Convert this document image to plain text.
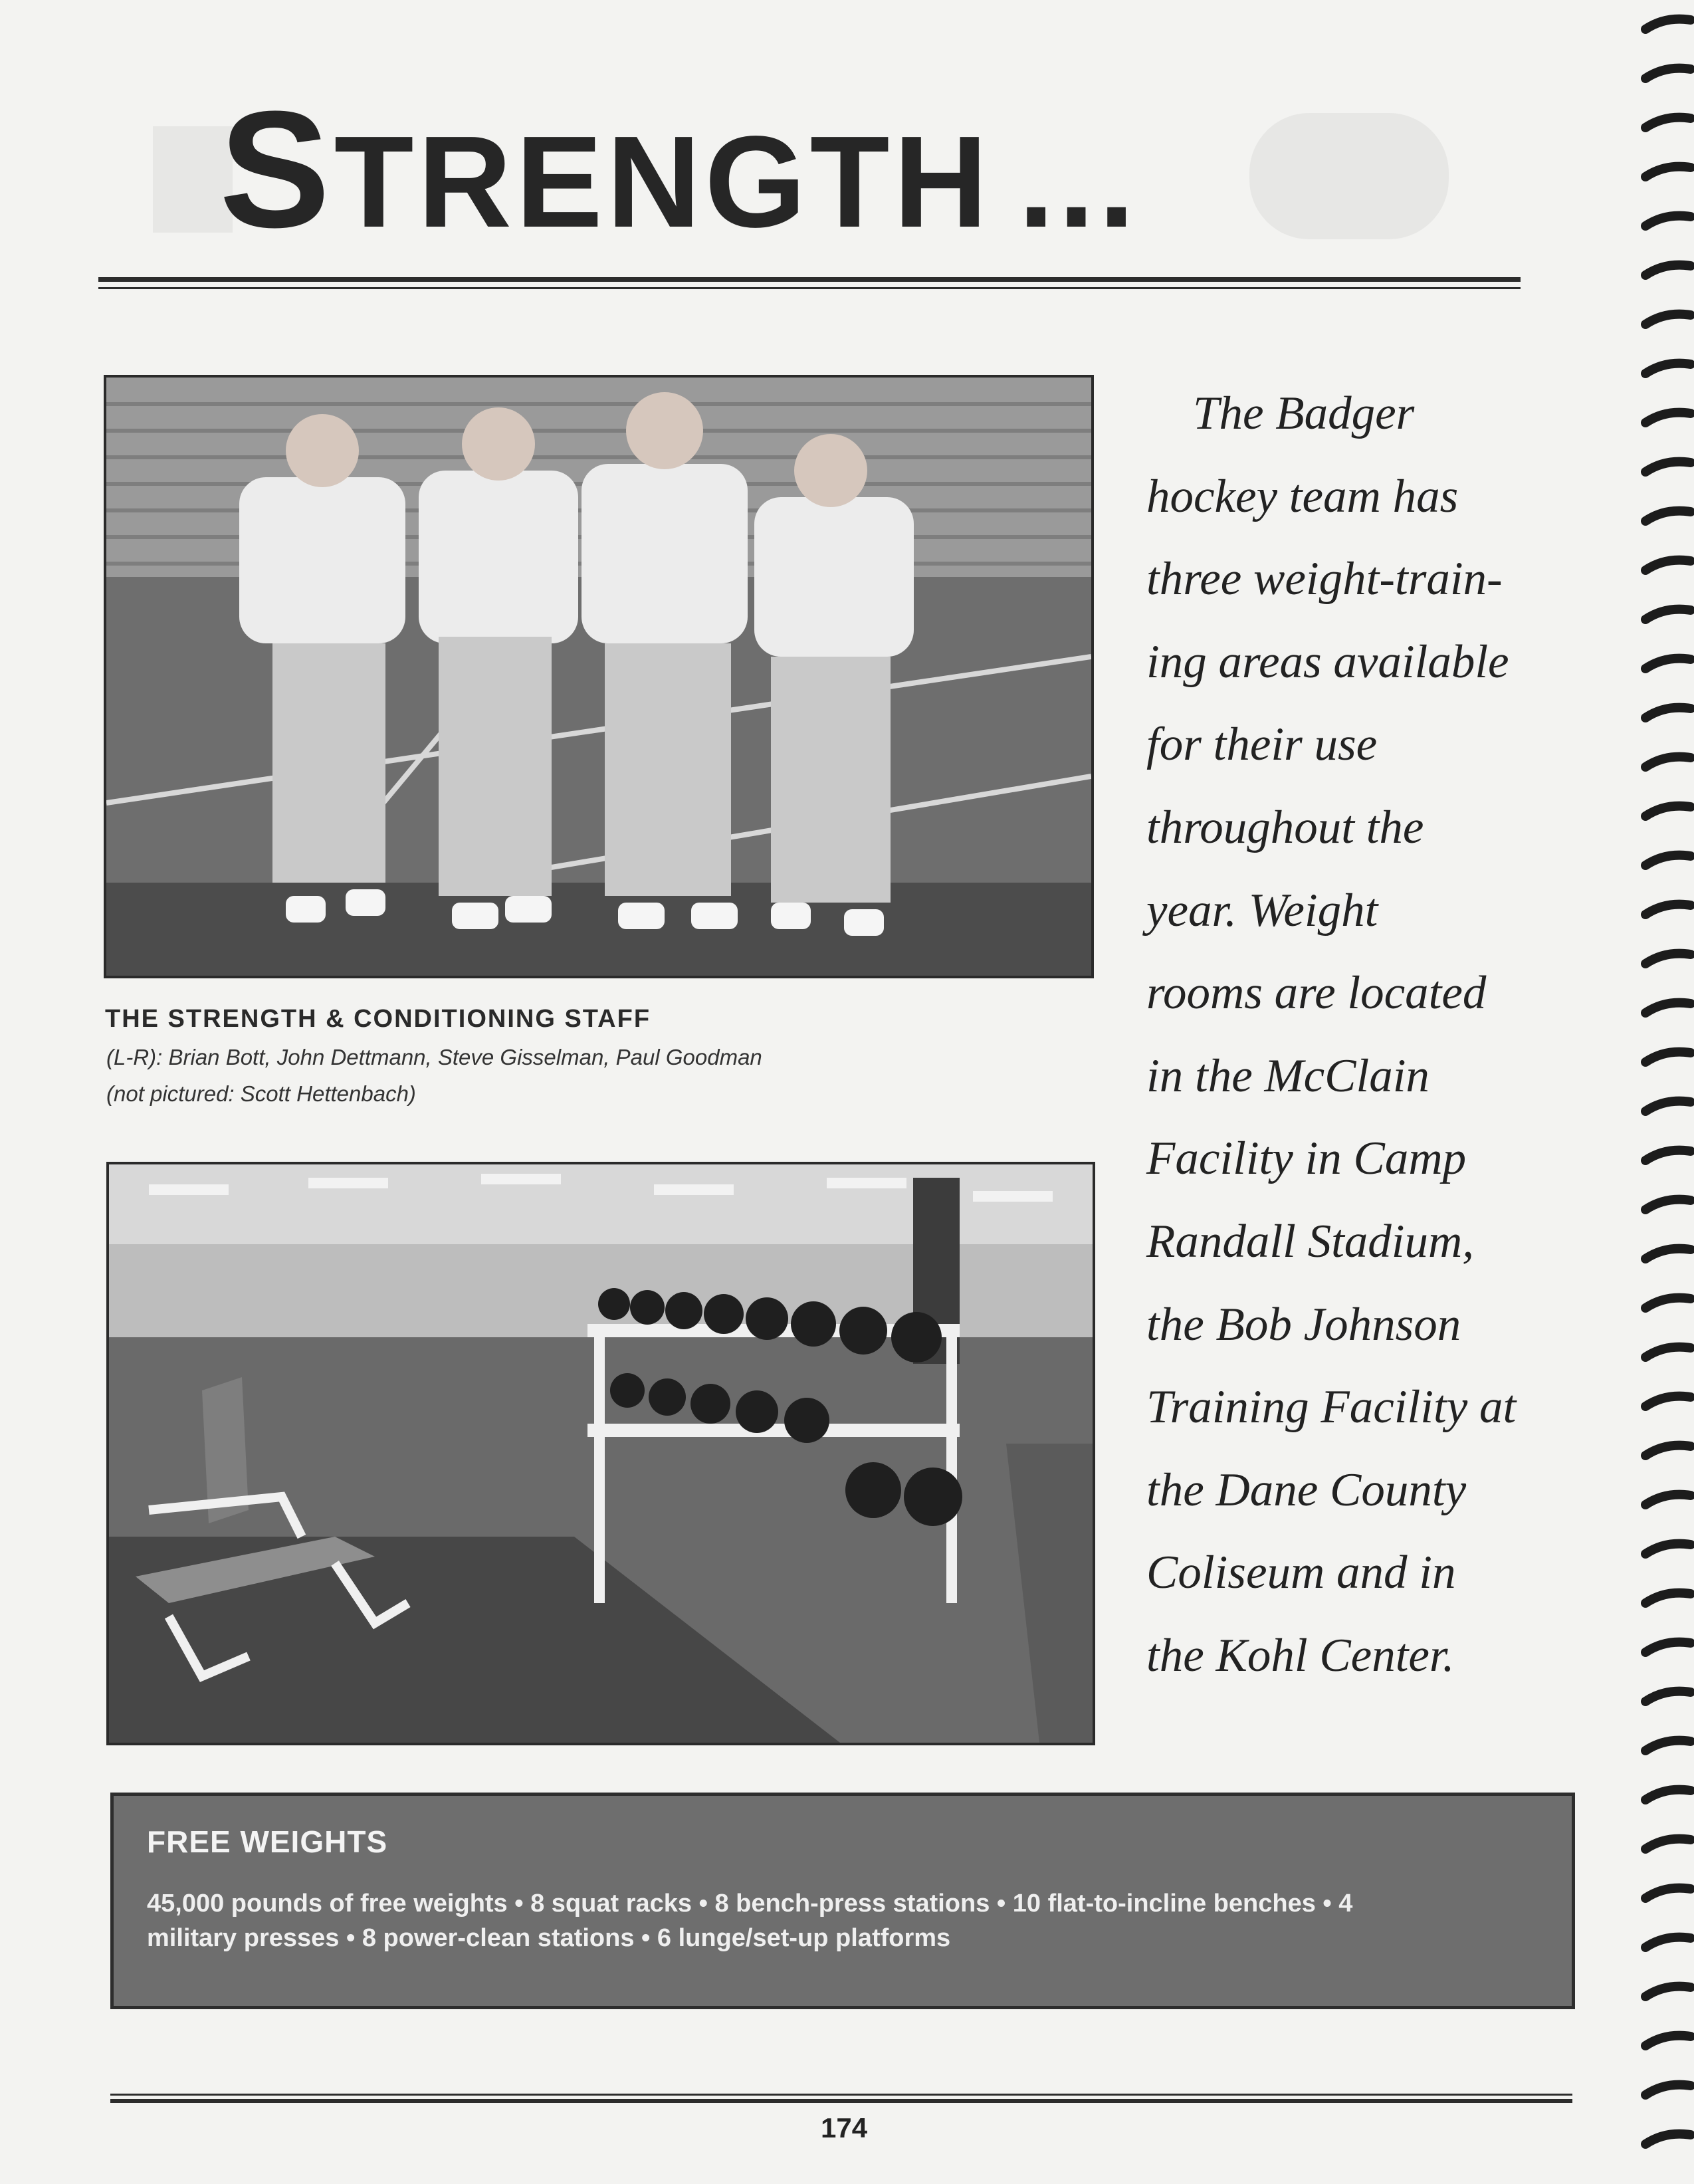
STRENGTH ...
THE STRENGTH & CONDITIONING STAFF
(L-R): Brian Bott, John Dettmann, Steve Gisselman, Paul Goodman
(not pictured: Scott Hettenbach)
The Badger
hockey team has
three weight-train-
ing areas available
for their use
throughout the
year. Weight
rooms are located
in the McClain
Facility in Camp
Randall Stadium,
the Bob Johnson
Training Facility at
the Dane County
Coliseum and in
the Kohl Center.
FREE WEIGHTS
45,000 pounds of free weights • 8 squat racks • 8 bench-press stations • 10 flat-to-incline benches • 4
military presses • 8 power-clean stations • 6 lunge/set-up platforms
174
